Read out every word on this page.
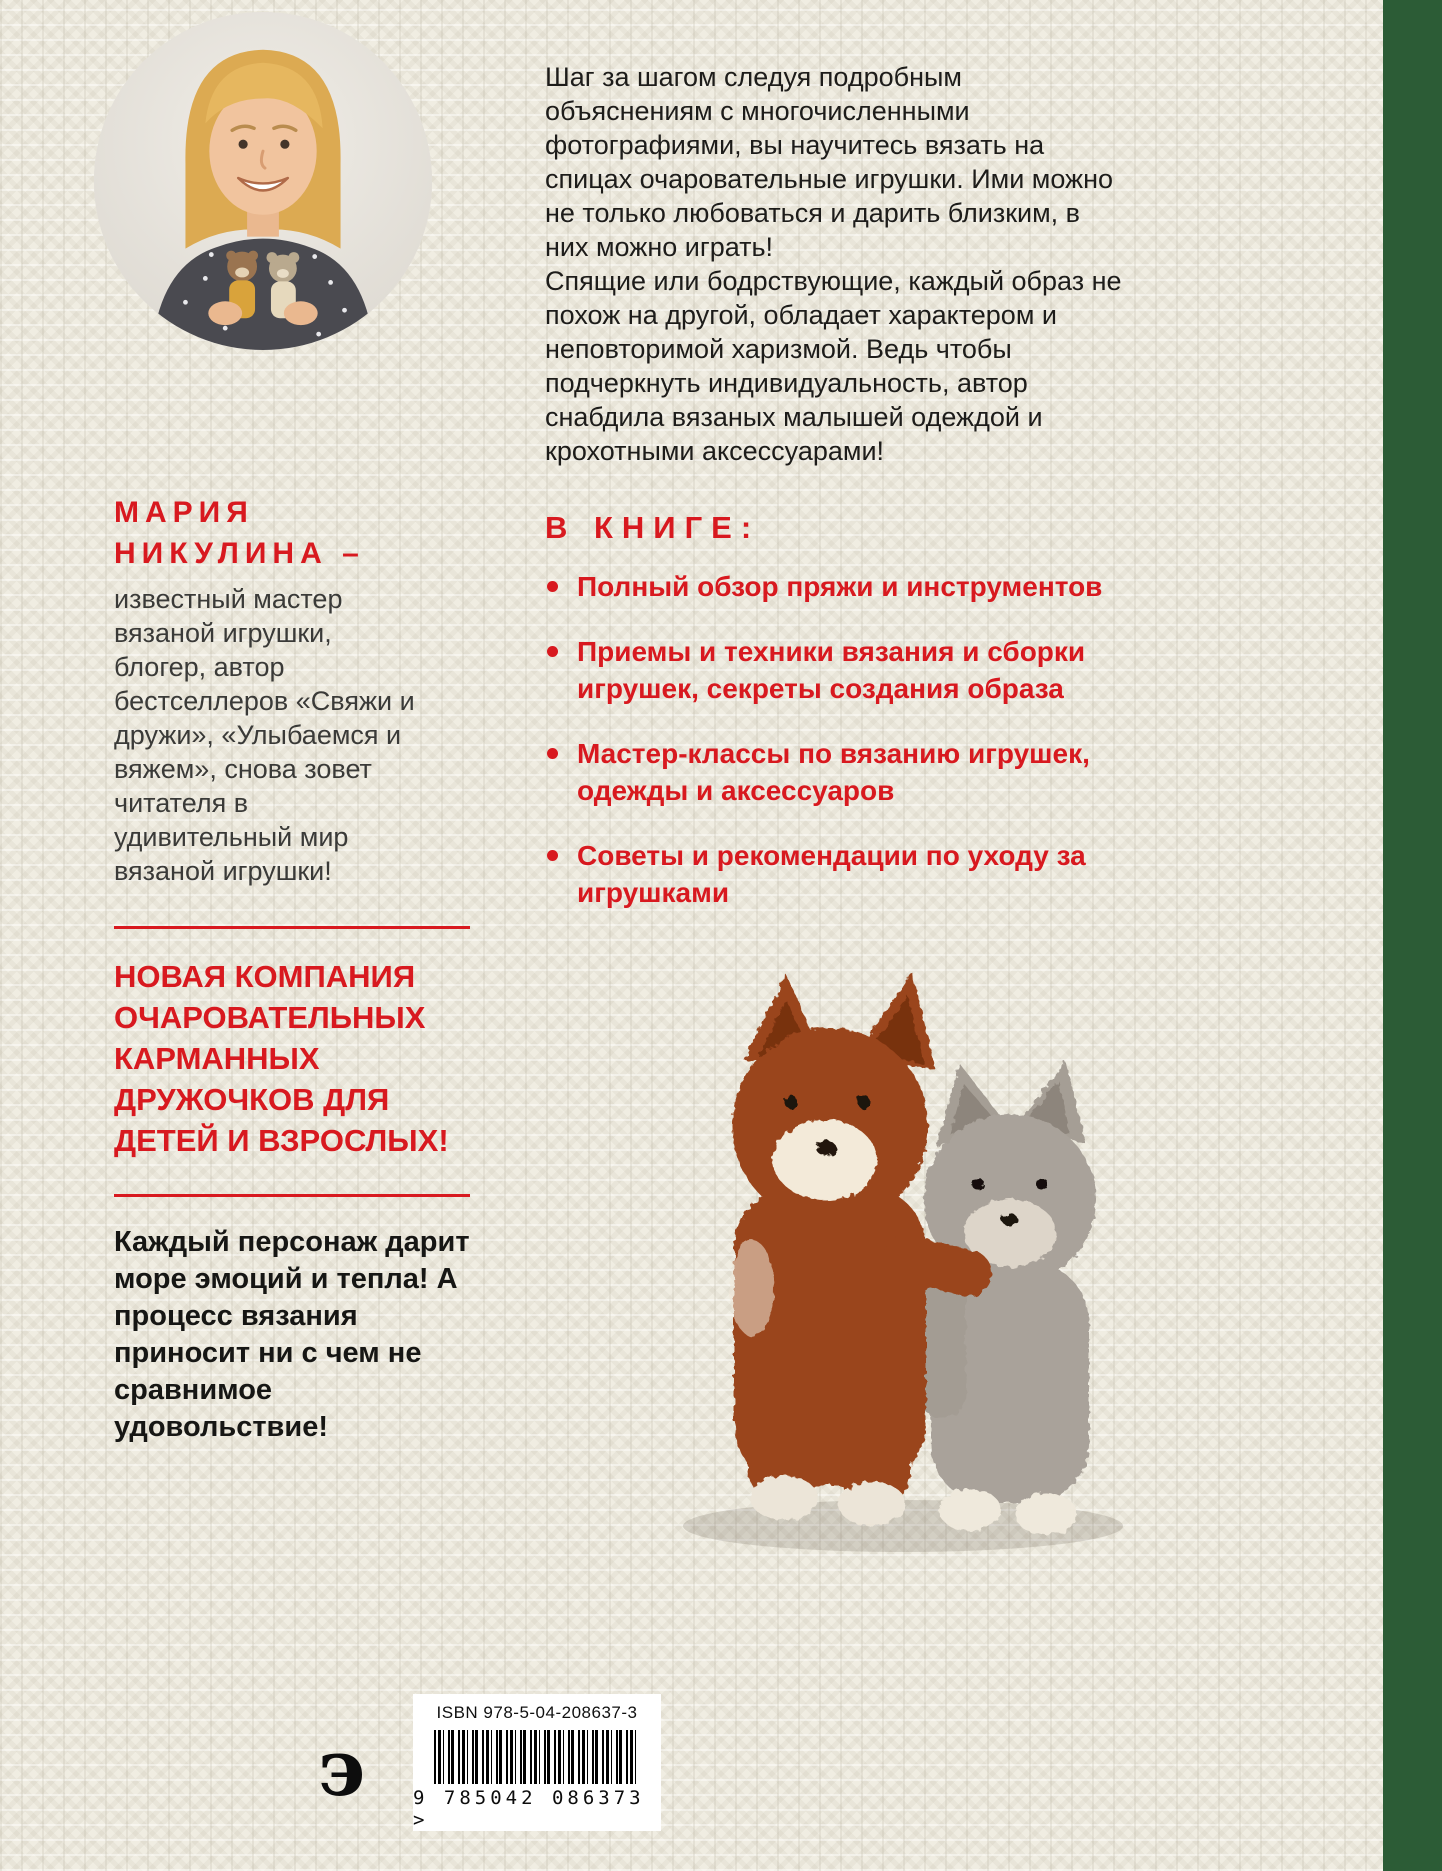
МАРИЯ
НИКУЛИНА –
известный мастер вязаной игрушки, блогер, автор бестселлеров «Свяжи и дружи», «Улыбаемся и вяжем», снова зовет читателя в удивительный мир вязаной игрушки!
НОВАЯ КОМПАНИЯ ОЧАРОВАТЕЛЬНЫХ КАРМАННЫХ ДРУЖОЧКОВ ДЛЯ ДЕТЕЙ И ВЗРОСЛЫХ!
Каждый персонаж дарит море эмоций и тепла! А процесс вязания приносит ни с чем не сравнимое удовольствие!

Шаг за шагом следуя подробным объяснениям с многочисленными фотографиями, вы научитесь вязать на спицах очаровательные игрушки. Ими можно не только любоваться и дарить близким, в них можно играть!

Спящие или бодрствующие, каждый образ не похож на другой, обладает характером и неповторимой харизмой. Ведь чтобы подчеркнуть индивидуальность, автор снабдила вязаных малышей одеждой и крохотными аксессуарами!

В КНИГЕ:
Полный обзор пряжи и инструментов
Приемы и техники вязания и сборки игрушек, секреты создания образа
Мастер-классы по вязанию игрушек, одежды и аксессуаров
Советы и рекомендации по уходу за игрушками
э
ISBN 978-5-04-208637-3
9 785042 086373 >
